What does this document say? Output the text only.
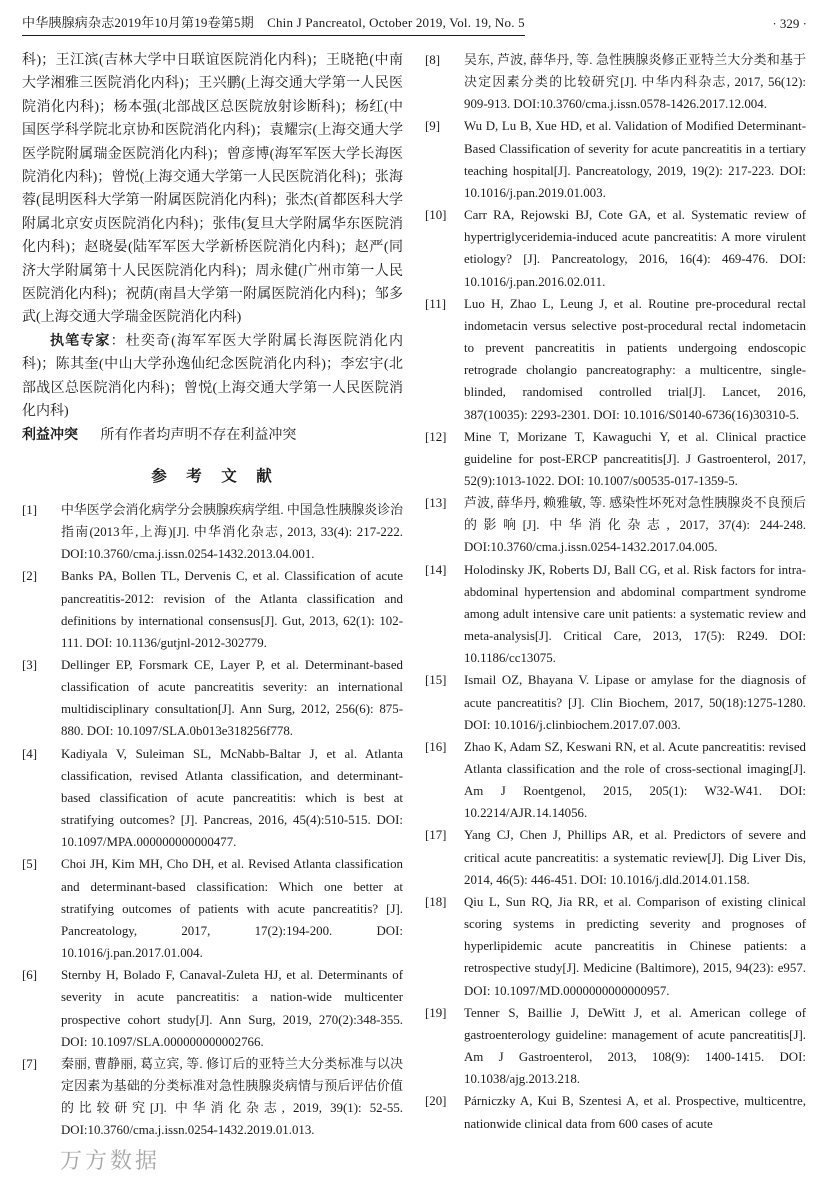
中华胰腺病杂志2019年10月第19卷第5期　Chin J Pancreatol, October 2019, Vol. 19, No. 5	· 329 ·

科)；王江滨(吉林大学中日联谊医院消化内科)；王晓艳(中南大学湘雅三医院消化内科)；王兴鹏(上海交通大学第一人民医院消化内科)；杨本强(北部战区总医院放射诊断科)；杨红(中国医学科学院北京协和医院消化内科)；袁耀宗(上海交通大学医学院附属瑞金医院消化内科)；曾彦博(海军军医大学长海医院消化内科)；曾悦(上海交通大学第一人民医院消化科)；张海蓉(昆明医科大学第一附属医院消化内科)；张杰(首都医科大学附属北京安贞医院消化内科)；张伟(复旦大学附属华东医院消化内科)；赵晓晏(陆军军医大学新桥医院消化内科)；赵严(同济大学附属第十人民医院消化内科)；周永健(广州市第一人民医院消化内科)；祝荫(南昌大学第一附属医院消化内科)；邹多武(上海交通大学瑞金医院消化内科)

执笔专家：杜奕奇(海军军医大学附属长海医院消化内科)；陈其奎(中山大学孙逸仙纪念医院消化内科)；李宏宇(北部战区总医院消化内科)；曾悦(上海交通大学第一人民医院消化内科)

利益冲突 所有作者均声明不存在利益冲突

参　考　文　献
[1] 中华医学会消化病学分会胰腺疾病学组. 中国急性胰腺炎诊治指南(2013年,上海)[J]. 中华消化杂志, 2013, 33(4): 217-222. DOI:10.3760/cma.j.issn.0254-1432.2013.04.001.
[2] Banks PA, Bollen TL, Dervenis C, et al. Classification of acute pancreatitis-2012: revision of the Atlanta classification and definitions by international consensus[J]. Gut, 2013, 62(1): 102-111. DOI: 10.1136/gutjnl-2012-302779.
[3] Dellinger EP, Forsmark CE, Layer P, et al. Determinant-based classification of acute pancreatitis severity: an international multidisciplinary consultation[J]. Ann Surg, 2012, 256(6): 875-880. DOI: 10.1097/SLA.0b013e318256f778.
[4] Kadiyala V, Suleiman SL, McNabb-Baltar J, et al. Atlanta classification, revised Atlanta classification, and determinant-based classification of acute pancreatitis: which is best at stratifying outcomes? [J]. Pancreas, 2016, 45(4):510-515. DOI: 10.1097/MPA.000000000000477.
[5] Choi JH, Kim MH, Cho DH, et al. Revised Atlanta classification and determinant-based classification: Which one better at stratifying outcomes of patients with acute pancreatitis? [J]. Pancreatology, 2017, 17(2):194-200. DOI: 10.1016/j.pan.2017.01.004.
[6] Sternby H, Bolado F, Canaval-Zuleta HJ, et al. Determinants of severity in acute pancreatitis: a nation-wide multicenter prospective cohort study[J]. Ann Surg, 2019, 270(2):348-355. DOI: 10.1097/SLA.000000000002766.
[7] 秦丽, 曹静丽, 葛立宾, 等. 修订后的亚特兰大分类标准与以决定因素为基础的分类标准对急性胰腺炎病情与预后评估价值的比较研究[J]. 中华消化杂志, 2019, 39(1): 52-55. DOI:10.3760/cma.j.issn.0254-1432.2019.01.013.
[8] 吴东, 芦波, 薛华丹, 等. 急性胰腺炎修正亚特兰大分类和基于决定因素分类的比较研究[J]. 中华内科杂志, 2017, 56(12): 909-913. DOI:10.3760/cma.j.issn.0578-1426.2017.12.004.
[9] Wu D, Lu B, Xue HD, et al. Validation of Modified Determinant-Based Classification of severity for acute pancreatitis in a tertiary teaching hospital[J]. Pancreatology, 2019, 19(2): 217-223. DOI: 10.1016/j.pan.2019.01.003.
[10] Carr RA, Rejowski BJ, Cote GA, et al. Systematic review of hypertriglyceridemia-induced acute pancreatitis: A more virulent etiology? [J]. Pancreatology, 2016, 16(4): 469-476. DOI: 10.1016/j.pan.2016.02.011.
[11] Luo H, Zhao L, Leung J, et al. Routine pre-procedural rectal indometacin versus selective post-procedural rectal indometacin to prevent pancreatitis in patients undergoing endoscopic retrograde cholangio pancreatography: a multicentre, single-blinded, randomised controlled trial[J]. Lancet, 2016, 387(10035): 2293-2301. DOI: 10.1016/S0140-6736(16)30310-5.
[12] Mine T, Morizane T, Kawaguchi Y, et al. Clinical practice guideline for post-ERCP pancreatitis[J]. J Gastroenterol, 2017, 52(9):1013-1022. DOI: 10.1007/s00535-017-1359-5.
[13] 芦波, 薛华丹, 赖雅敏, 等. 感染性坏死对急性胰腺炎不良预后的影响[J]. 中华消化杂志, 2017, 37(4): 244-248. DOI:10.3760/cma.j.issn.0254-1432.2017.04.005.
[14] Holodinsky JK, Roberts DJ, Ball CG, et al. Risk factors for intra-abdominal hypertension and abdominal compartment syndrome among adult intensive care unit patients: a systematic review and meta-analysis[J]. Critical Care, 2013, 17(5): R249. DOI: 10.1186/cc13075.
[15] Ismail OZ, Bhayana V. Lipase or amylase for the diagnosis of acute pancreatitis? [J]. Clin Biochem, 2017, 50(18):1275-1280. DOI: 10.1016/j.clinbiochem.2017.07.003.
[16] Zhao K, Adam SZ, Keswani RN, et al. Acute pancreatitis: revised Atlanta classification and the role of cross-sectional imaging[J]. Am J Roentgenol, 2015, 205(1): W32-W41. DOI: 10.2214/AJR.14.14056.
[17] Yang CJ, Chen J, Phillips AR, et al. Predictors of severe and critical acute pancreatitis: a systematic review[J]. Dig Liver Dis, 2014, 46(5): 446-451. DOI: 10.1016/j.dld.2014.01.158.
[18] Qiu L, Sun RQ, Jia RR, et al. Comparison of existing clinical scoring systems in predicting severity and prognoses of hyperlipidemic acute pancreatitis in Chinese patients: a retrospective study[J]. Medicine (Baltimore), 2015, 94(23): e957. DOI: 10.1097/MD.0000000000000957.
[19] Tenner S, Baillie J, DeWitt J, et al. American college of gastroenterology guideline: management of acute pancreatitis[J]. Am J Gastroenterol, 2013, 108(9): 1400-1415. DOI: 10.1038/ajg.2013.218.
[20] Párniczky A, Kui B, Szentesi A, et al. Prospective, multicentre, nationwide clinical data from 600 cases of acute
万方数据
